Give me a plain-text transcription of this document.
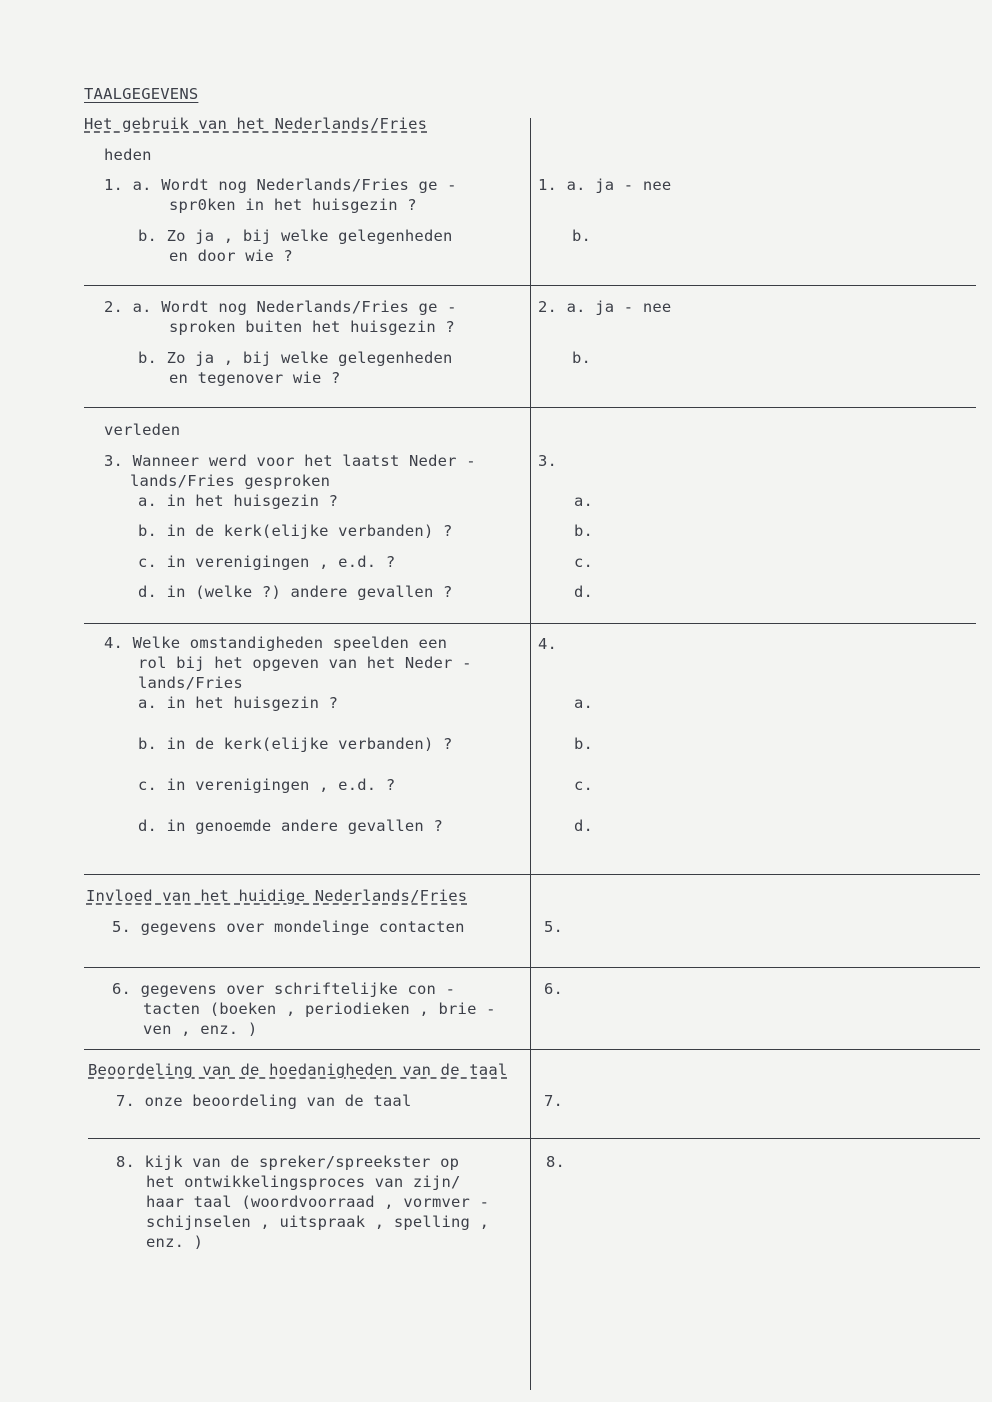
TAALGEGEVENS
Het gebruik van het Nederlands/Fries
heden
1. a. Wordt nog Nederlands/Fries ge -
spr0ken in het huisgezin ?
b. Zo ja , bij welke gelegenheden
en door wie ?
1. a. ja - nee
b.
2. a. Wordt nog Nederlands/Fries ge -
sproken buiten het huisgezin ?
b. Zo ja , bij welke gelegenheden
en tegenover wie ?
2. a. ja - nee
b.
verleden
3. Wanneer werd voor het laatst Neder -
lands/Fries gesproken
a. in het huisgezin ?
b. in de kerk(elijke verbanden) ?
c. in verenigingen , e.d. ?
d. in (welke ?) andere gevallen ?
3.
a.
b.
c.
d.
4. Welke omstandigheden speelden een
rol bij het opgeven van het Neder -
lands/Fries
a. in het huisgezin ?
b. in de kerk(elijke verbanden) ?
c. in verenigingen , e.d. ?
d. in genoemde andere gevallen ?
4.
a.
b.
c.
d.
Invloed van het huidige Nederlands/Fries
5. gegevens over mondelinge contacten	5.
6. gegevens over schriftelijke con -
tacten (boeken , periodieken , brie -
ven , enz. )
6.
Beoordeling van de hoedanigheden van de taal
7. onze beoordeling van de taal	7.
8. kijk van de spreker/spreekster op
het ontwikkelingsproces van zijn/
haar taal (woordvoorraad , vormver -
schijnselen , uitspraak , spelling ,
enz. )
8.
